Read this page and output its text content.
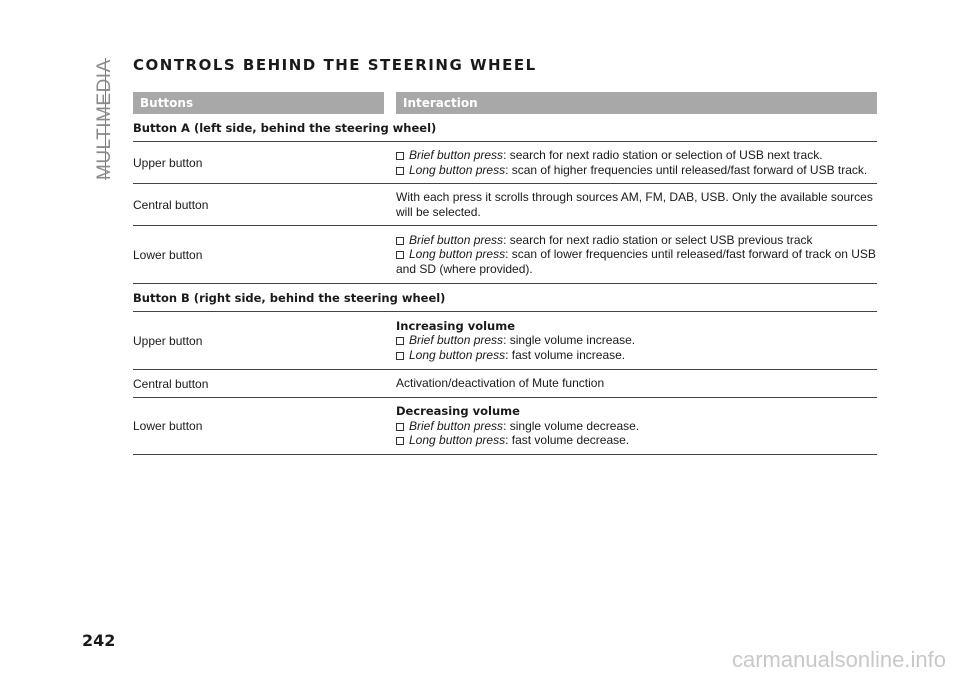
MULTIMEDIA CONTROLS BEHIND THE STEERING WHEEL
Buttons	Interaction
Button A (left side, behind the steering wheel)
Upper button
Brief button press: search for next radio station or selection of USB next track.
Long button press: scan of higher frequencies until released/fast forward of USB track.
Central button
With each press it scrolls through sources AM, FM, DAB, USB. Only the available sources will be selected.
Lower button
Brief button press: search for next radio station or select USB previous track
Long button press: scan of lower frequencies until released/fast forward of track on USB and SD (where provided).
Button B (right side, behind the steering wheel)
Upper button
Increasing volume
Brief button press: single volume increase.
Long button press: fast volume increase.
Central button	Activation/deactivation of Mute function
Lower button
Decreasing volume
Brief button press: single volume decrease.
Long button press: fast volume decrease.
242
carmanualsonline.info
